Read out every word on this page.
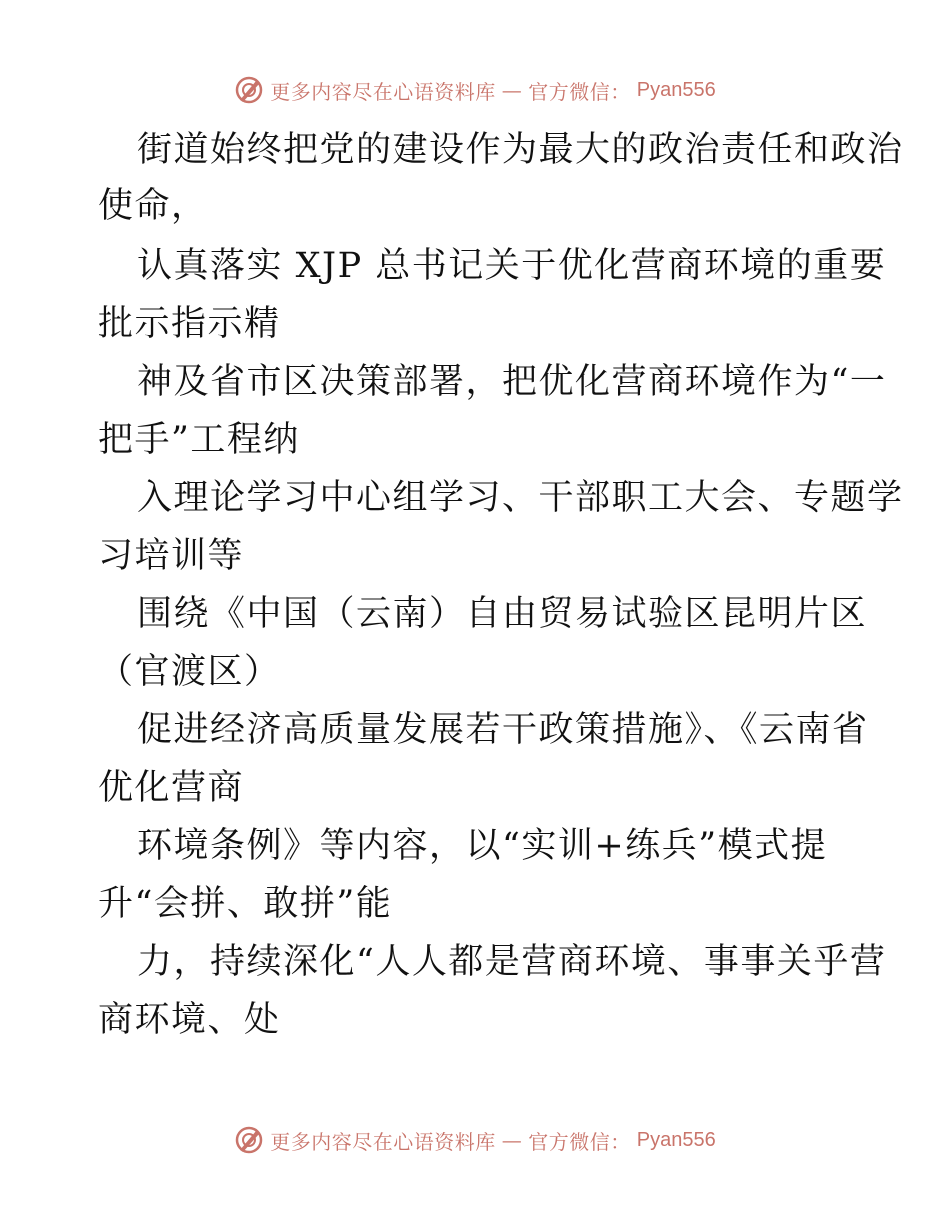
更多内容尽在心语资料库 — 官方微信： Pyan556
街道始终把党的建设作为最大的政治责任和政治
使命，
认真落实 XJP 总书记关于优化营商环境的重要
批示指示精
神及省市区决策部署，把优化营商环境作为“一
把手”工程纳
入理论学习中心组学习、干部职工大会、专题学
习培训等
围绕《中国（云南）自由贸易试验区昆明片区
（官渡区）
促进经济高质量发展若干政策措施》、《云南省
优化营商
环境条例》等内容，以“实训+练兵”模式提
升“会拼、敢拼”能
力，持续深化“人人都是营商环境、事事关乎营
商环境、处
更多内容尽在心语资料库 — 官方微信： Pyan556
